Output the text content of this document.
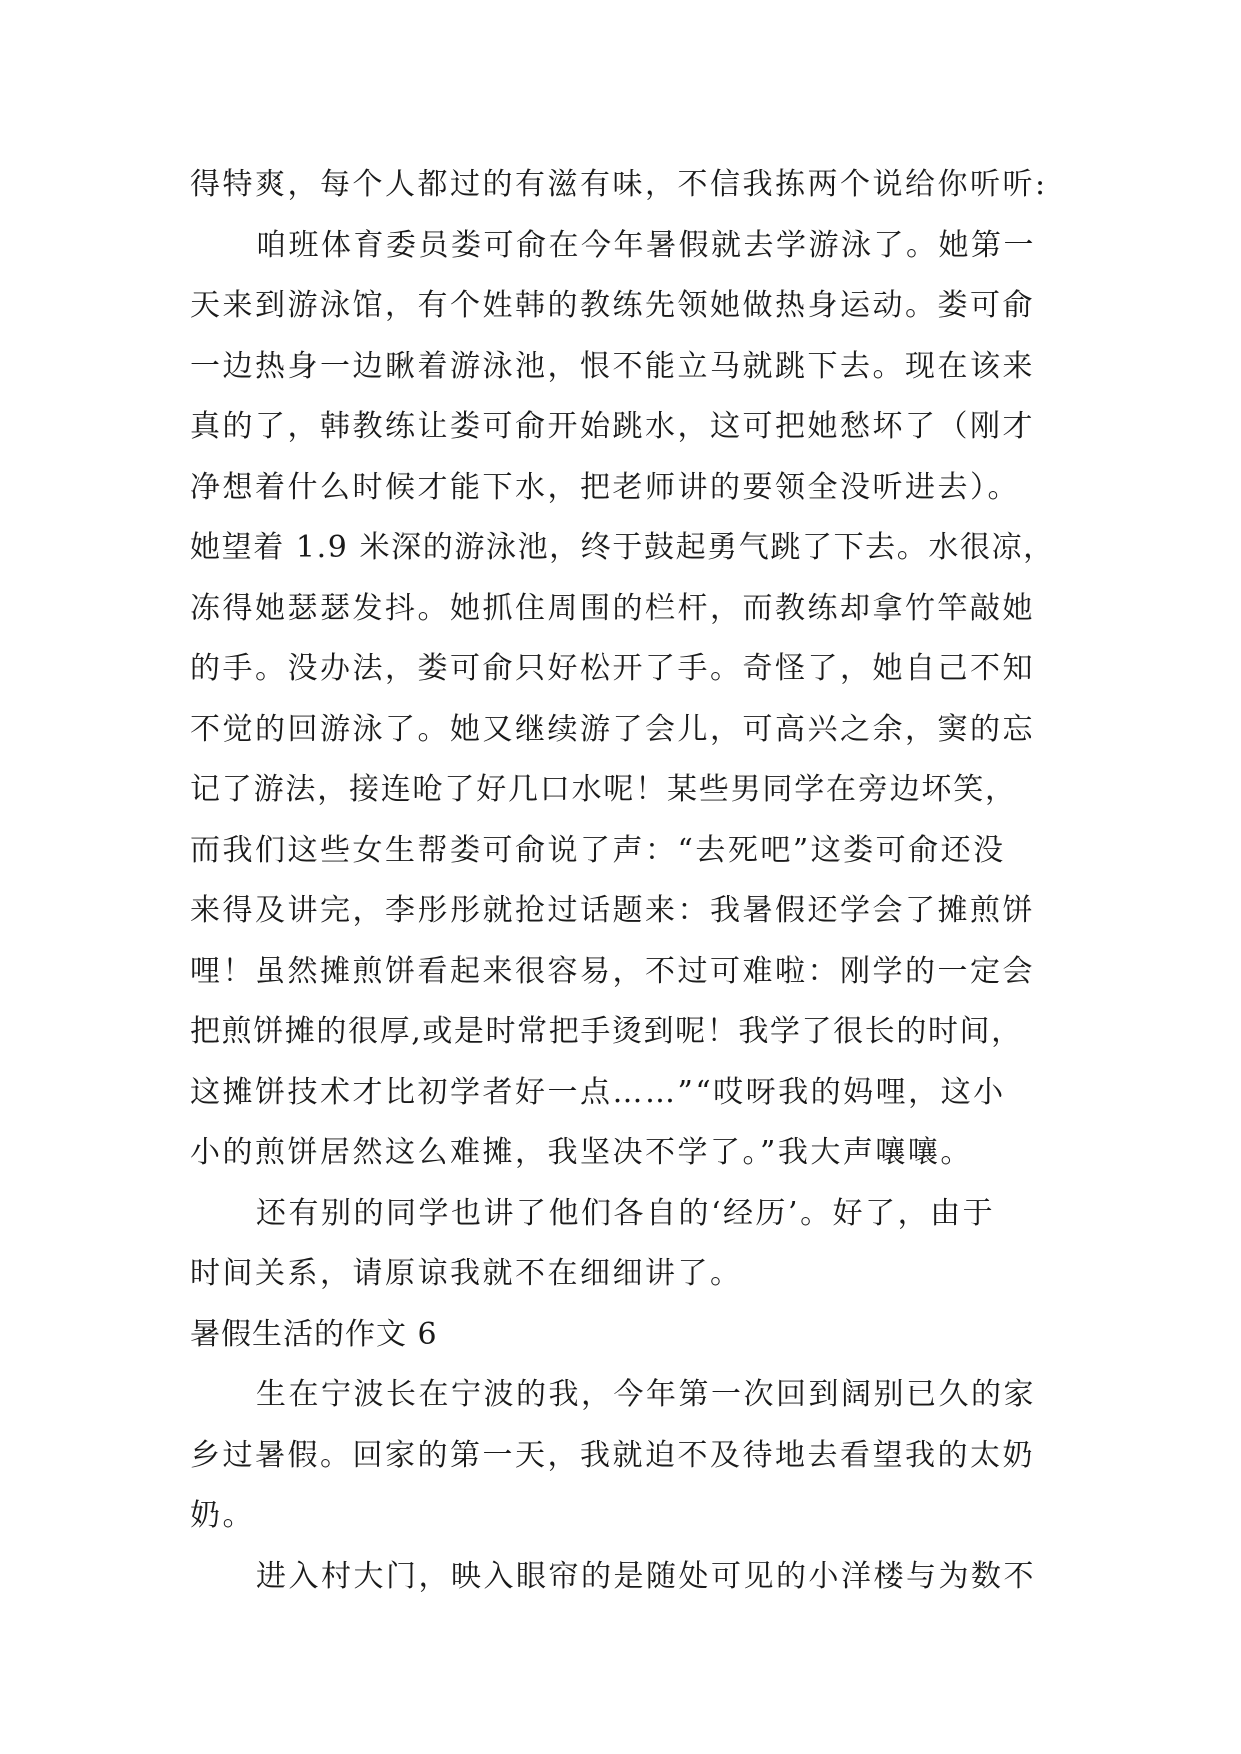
得特爽，每个人都过的有滋有味，不信我拣两个说给你听听:
咱班体育委员娄可俞在今年暑假就去学游泳了。她第一
天来到游泳馆，有个姓韩的教练先领她做热身运动。娄可俞
一边热身一边瞅着游泳池，恨不能立马就跳下去。现在该来
真的了，韩教练让娄可俞开始跳水，这可把她愁坏了（刚才
净想着什么时候才能下水，把老师讲的要领全没听进去）。
她望着 1.9 米深的游泳池，终于鼓起勇气跳了下去。水很凉，
冻得她瑟瑟发抖。她抓住周围的栏杆，而教练却拿竹竿敲她
的手。没办法，娄可俞只好松开了手。奇怪了，她自己不知
不觉的回游泳了。她又继续游了会儿，可高兴之余，窦的忘
记了游法，接连呛了好几口水呢！某些男同学在旁边坏笑，
而我们这些女生帮娄可俞说了声：“去死吧”这娄可俞还没
来得及讲完，李彤彤就抢过话题来：我暑假还学会了摊煎饼
哩！虽然摊煎饼看起来很容易，不过可难啦：刚学的一定会
把煎饼摊的很厚,或是时常把手烫到呢！我学了很长的时间，
这摊饼技术才比初学者好一点……”“哎呀我的妈哩，这小
小的煎饼居然这么难摊，我坚决不学了。”我大声嚷嚷。
还有别的同学也讲了他们各自的‘经历’。好了，由于
时间关系，请原谅我就不在细细讲了。
暑假生活的作文 6
生在宁波长在宁波的我，今年第一次回到阔别已久的家
乡过暑假。回家的第一天，我就迫不及待地去看望我的太奶
奶。
进入村大门，映入眼帘的是随处可见的小洋楼与为数不
